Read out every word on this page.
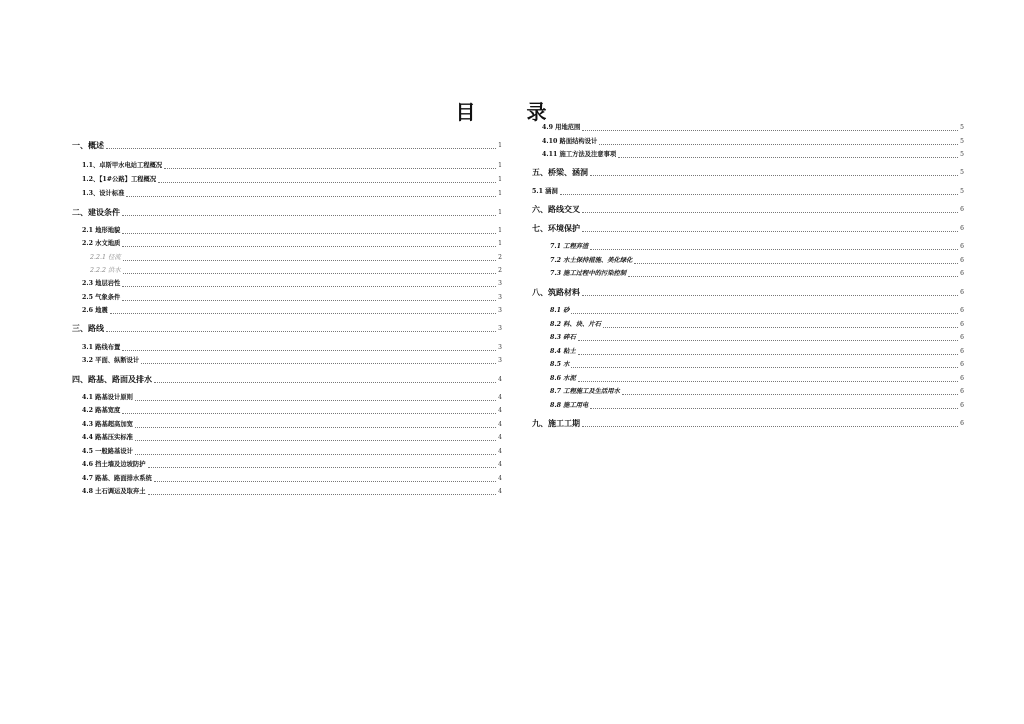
目 录
一、概述	1
1.1、卓斯甲水电站工程概况	1
1.2、【1#公路】工程概况	1
1.3、设计标准	1
二、建设条件	1
2.1 地形地貌	1
2.2 水文地质	1
2.2.1 径流	2
2.2.2 洪水	2
2.3 地层岩性	3
2.5 气象条件	3
2.6 地震	3
三、路线	3
3.1 路线布置	3
3.2 平面、纵断设计	3
四、路基、路面及排水	4
4.1 路基设计原则	4
4.2 路基宽度	4
4.3 路基超高加宽	4
4.4 路基压实标准	4
4.5 一般路基设计	4
4.6 挡土墙及边坡防护	4
4.7 路基、路面排水系统	4
4.8 土石调运及取弃土	4
4.9 用地范围	5
4.10 路面结构设计	5
4.11 施工方法及注意事项	5
五、桥梁、涵洞	5
5.1 涵洞	5
六、路线交叉	6
七、环境保护	6
7.1 工程弃渣	6
7.2 水土保持措施、美化绿化	6
7.3 施工过程中的污染控制	6
八、筑路材料	6
8.1 砂	6
8.2 料、块、片石	6
8.3 碎石	6
8.4 粘土	6
8.5 水	6
8.6 水泥	6
8.7 工程施工及生活用水	6
8.8 施工用电	6
九、施工工期	6
